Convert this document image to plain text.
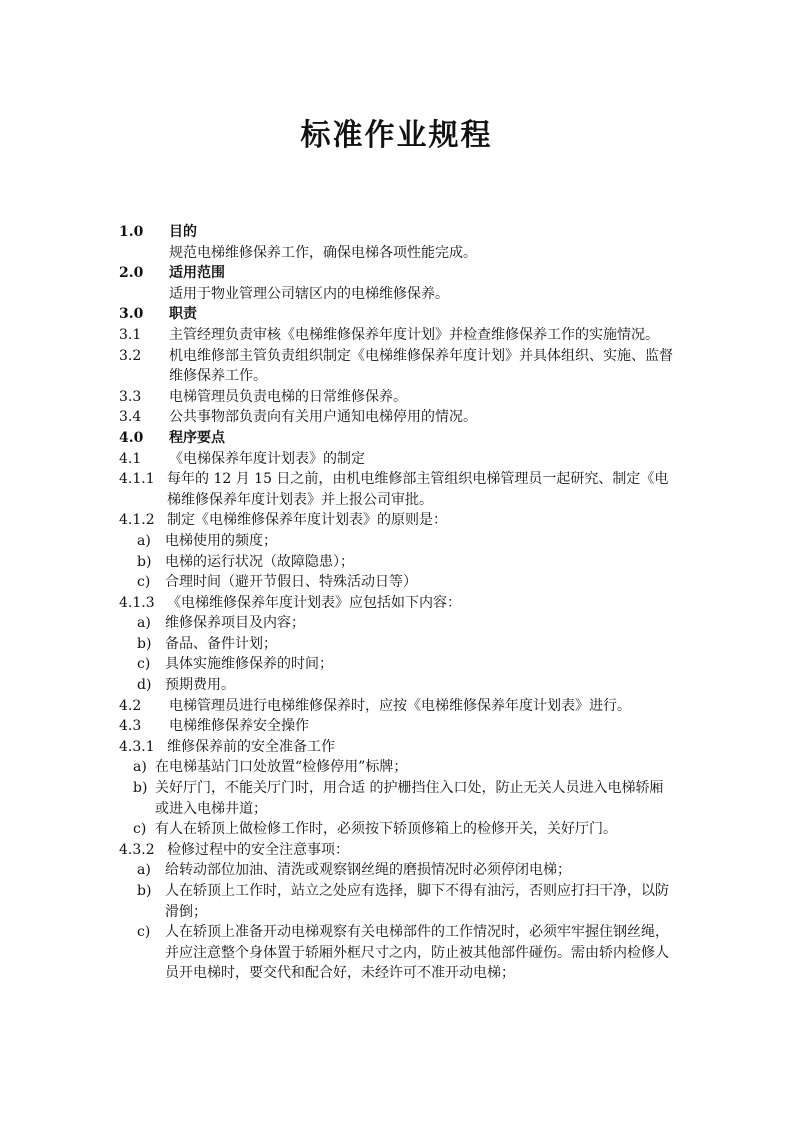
标准作业规程
1.0	目的
规范电梯维修保养工作，确保电梯各项性能完成。
2.0	适用范围
适用于物业管理公司辖区内的电梯维修保养。
3.0	职责
3.1	主管经理负责审核《电梯维修保养年度计划》并检查维修保养工作的实施情况。
3.2	机电维修部主管负责组织制定《电梯维修保养年度计划》并具体组织、实施、监督维修保养工作。
3.3	电梯管理员负责电梯的日常维修保养。
3.4	公共事物部负责向有关用户通知电梯停用的情况。
4.0	程序要点
4.1	《电梯保养年度计划表》的制定
4.1.1 每年的 12 月 15 日之前，由机电维修部主管组织电梯管理员一起研究、制定《电梯维修保养年度计划表》并上报公司审批。
4.1.2 制定《电梯维修保养年度计划表》的原则是：
a)	电梯使用的频度；
b) 电梯的运行状况（故障隐患）；
c)	合理时间（避开节假日、特殊活动日等）
4.1.3 《电梯维修保养年度计划表》应包括如下内容：
a)	维修保养项目及内容；
b) 备品、备件计划；
c)	具体实施维修保养的时间；
d) 预期费用。
4.2	电梯管理员进行电梯维修保养时，应按《电梯维修保养年度计划表》进行。
4.3	电梯维修保养安全操作
4.3.1 维修保养前的安全准备工作
a) 在电梯基站门口处放置“检修停用”标牌；
b) 关好厅门，不能关厅门时，用合适 的护栅挡住入口处，防止无关人员进入电梯轿厢或进入电梯井道；
c) 有人在轿顶上做检修工作时，必须按下轿顶修箱上的检修开关，关好厅门。
4.3.2 检修过程中的安全注意事项：
a)	给转动部位加油、清洗或观察钢丝绳的磨损情况时必须停闭电梯；
b) 人在轿顶上工作时，站立之处应有选择，脚下不得有油污，否则应打扫干净，以防滑倒；
c)	人在轿顶上准备开动电梯观察有关电梯部件的工作情况时，必须牢牢握住钢丝绳，并应注意整个身体置于轿厢外框尺寸之内，防止被其他部件碰伤。需由轿内检修人员开电梯时，要交代和配合好，未经许可不准开动电梯；
